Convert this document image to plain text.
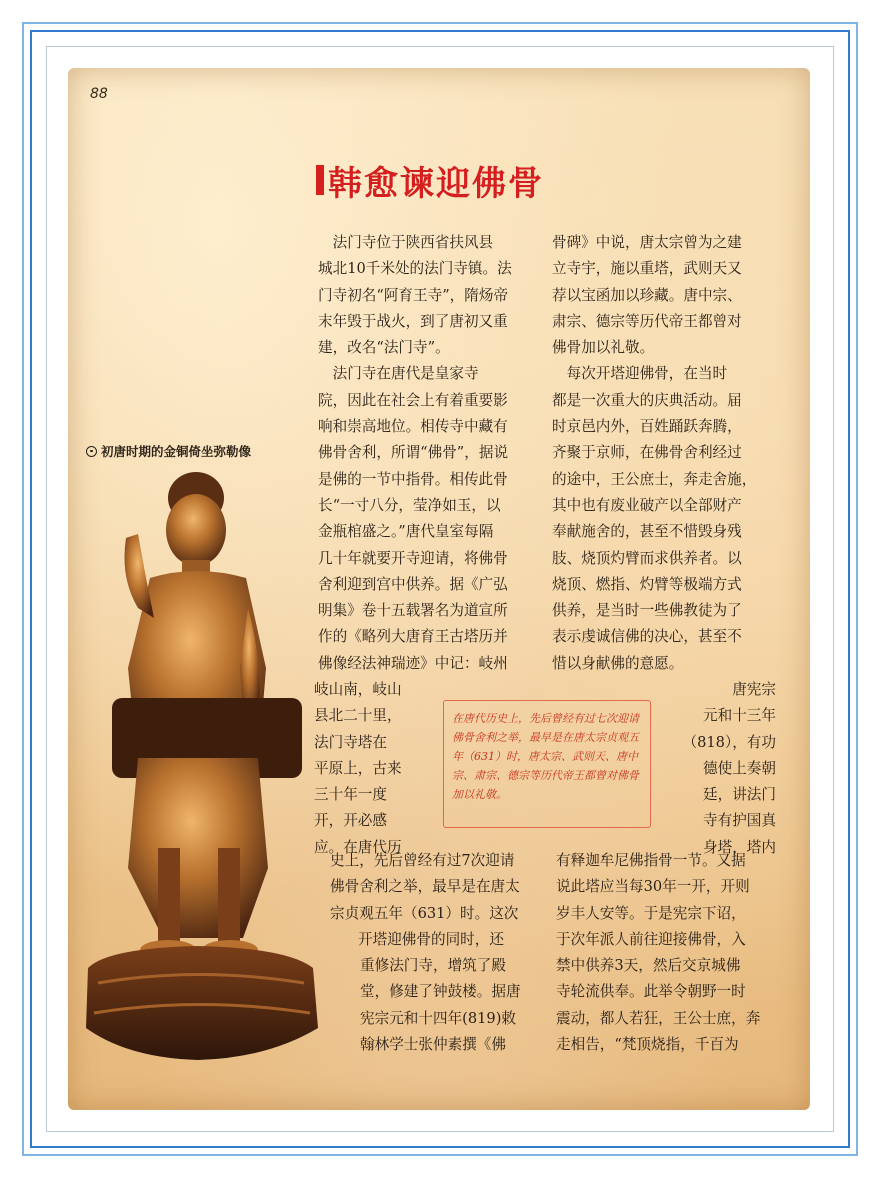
88
韩愈谏迎佛骨
初唐时期的金铜倚坐弥勒像
　法门寺位于陕西省扶风县
城北10千米处的法门寺镇。法
门寺初名“阿育王寺”，隋炀帝
末年毁于战火，到了唐初又重
建，改名“法门寺”。
　法门寺在唐代是皇家寺
院，因此在社会上有着重要影
响和崇高地位。相传寺中藏有
佛骨舍利，所谓“佛骨”，据说
是佛的一节中指骨。相传此骨
长“一寸八分，莹净如玉，以
金瓶棺盛之。”唐代皇室每隔
几十年就要开寺迎请，将佛骨
舍利迎到宫中供养。据《广弘
明集》卷十五载署名为道宣所
作的《略列大唐育王古塔历并
佛像经法神瑞迹》中记：岐州
岐山南，岐山
县北二十里，
法门寺塔在
平原上，古来
三十年一度
开，开必感
应。在唐代历
史上，先后曾经有过7次迎请
佛骨舍利之举，最早是在唐太
宗贞观五年（631）时。这次
开塔迎佛骨的同时，还
重修法门寺，增筑了殿
堂，修建了钟鼓楼。据唐
宪宗元和十四年(819)敕
翰林学士张仲素撰《佛
骨碑》中说，唐太宗曾为之建
立寺宇，施以重塔，武则天又
荐以宝函加以珍藏。唐中宗、
肃宗、德宗等历代帝王都曾对
佛骨加以礼敬。
　每次开塔迎佛骨，在当时
都是一次重大的庆典活动。届
时京邑内外，百姓踊跃奔腾，
齐聚于京师，在佛骨舍利经过
的途中，王公庶士，奔走舍施，
其中也有废业破产以全部财产
奉献施舍的，甚至不惜毁身残
肢、烧顶灼臂而求供养者。以
烧顶、燃指、灼臂等极端方式
供养，是当时一些佛教徒为了
表示虔诚信佛的决心，甚至不
惜以身献佛的意愿。
唐宪宗
元和十三年
（818），有功
德使上奏朝
廷，讲法门
寺有护国真
身塔，塔内
有释迦牟尼佛指骨一节。又据
说此塔应当每30年一开，开则
岁丰人安等。于是宪宗下诏，
于次年派人前往迎接佛骨，入
禁中供养3天，然后交京城佛
寺轮流供奉。此举令朝野一时
震动，都人若狂，王公士庶，奔
走相告，“梵顶烧指，千百为
在唐代历史上，先后曾经有过七次迎请佛骨舍利之举，最早是在唐太宗贞观五年（631）时，唐太宗、武则天、唐中宗、肃宗、德宗等历代帝王都曾对佛骨加以礼敬。
